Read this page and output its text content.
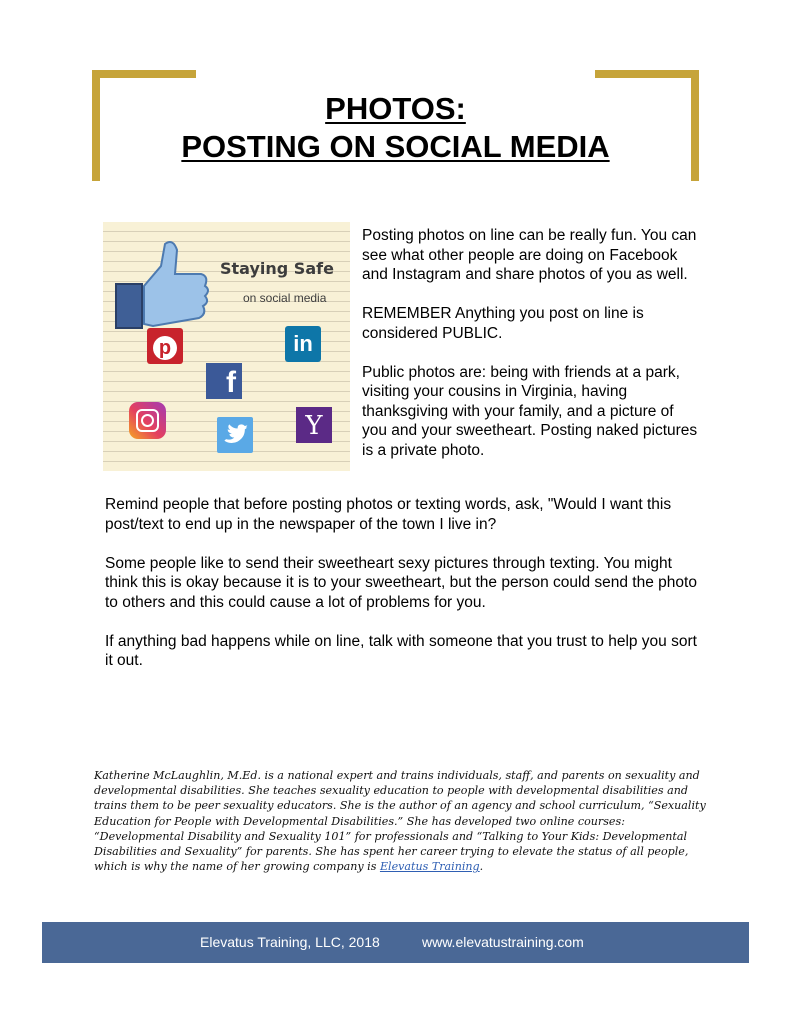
PHOTOS:
POSTING ON SOCIAL MEDIA
Staying Safe
on social media
p	in
f
Y

Posting photos on line can be really fun. You can see what other people are doing on Facebook and Instagram and share photos of you as well.

REMEMBER Anything you post on line is considered PUBLIC.

Public photos are: being with friends at a park, visiting your cousins in Virginia, having thanksgiving with your family, and a picture of you and your sweetheart. Posting naked pictures is a private photo.

Remind people that before posting photos or texting words, ask, "Would I want this post/text to end up in the newspaper of the town I live in?

Some people like to send their sweetheart sexy pictures through texting. You might think this is okay because it is to your sweetheart, but the person could send the photo to others and this could cause a lot of problems for you.

If anything bad happens while on line, talk with someone that you trust to help you sort it out.

Katherine McLaughlin, M.Ed. is a national expert and trains individuals, staff, and parents on sexuality and developmental disabilities. She teaches sexuality education to people with developmental disabilities and trains them to be peer sexuality educators. She is the author of an agency and school curriculum, “Sexuality Education for People with Developmental Disabilities.” She has developed two online courses: “Developmental Disability and Sexuality 101” for professionals and “Talking to Your Kids: Developmental Disabilities and Sexuality” for parents. She has spent her career trying to elevate the status of all people, which is why the name of her growing company is Elevatus Training.
Elevatus Training, LLC, 2018	www.elevatustraining.com
